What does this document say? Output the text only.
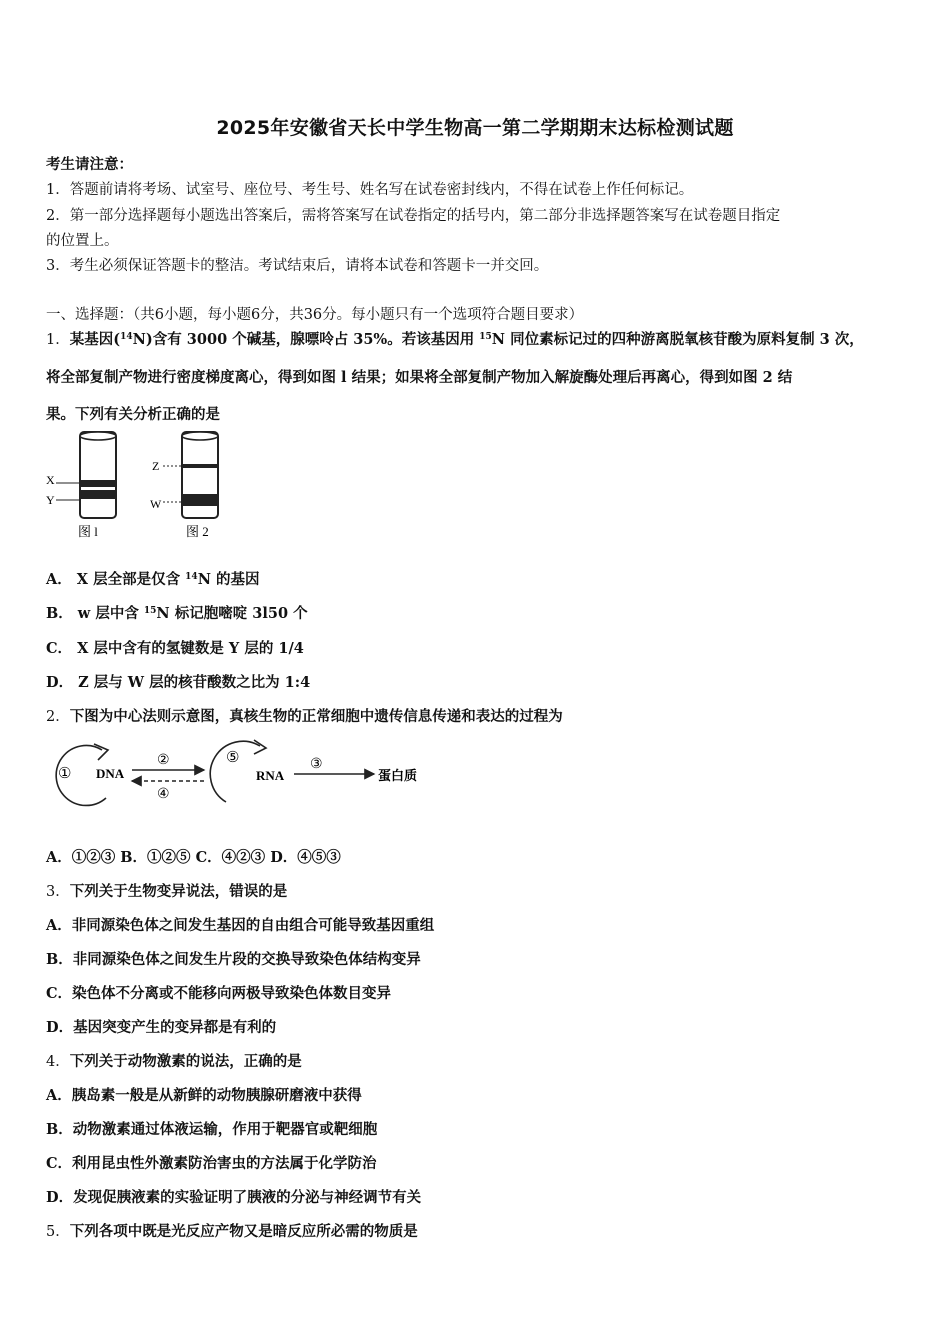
2025年安徽省天长中学生物高一第二学期期末达标检测试题
考生请注意：
1．答题前请将考场、试室号、座位号、考生号、姓名写在试卷密封线内，不得在试卷上作任何标记。
2．第一部分选择题每小题选出答案后，需将答案写在试卷指定的括号内，第二部分非选择题答案写在试卷题目指定
的位置上。
3．考生必须保证答题卡的整洁。考试结束后，请将本试卷和答题卡一并交回。
一、选择题：（共6小题，每小题6分，共36分。每小题只有一个选项符合题目要求）
1．某基因($^{14}$N)含有 3000 个碱基，腺嘌呤占 35%。若该基因用 $^{15}$N 同位素标记过的四种游离脱氧核苷酸为原料复制 3 次，
将全部复制产物进行密度梯度离心，得到如图 l 结果；如果将全部复制产物加入解旋酶处理后再离心，得到如图 2 结
果。下列有关分析正确的是
X
Y
图 l
Z
W
图 2
A． X 层全部是仅含 $^{14}$N 的基因
B． w 层中含 $^{15}$N 标记胞嘧啶 3l50 个
C． X 层中含有的氢键数是 Y 层的 1/4
D． Z 层与 W 层的核苷酸数之比为 1:4
2．下图为中心法则示意图，真核生物的正常细胞中遗传信息传递和表达的过程为
① DNA
②
④
⑤
RNA
③
蛋白质
A．①②③ B．①②⑤ C．④②③ D．④⑤③
3．下列关于生物变异说法，错误的是
A．非同源染色体之间发生基因的自由组合可能导致基因重组
B．非同源染色体之间发生片段的交换导致染色体结构变异
C．染色体不分离或不能移向两极导致染色体数目变异
D．基因突变产生的变异都是有利的
4．下列关于动物激素的说法，正确的是
A．胰岛素一般是从新鲜的动物胰腺研磨液中获得
B．动物激素通过体液运输，作用于靶器官或靶细胞
C．利用昆虫性外激素防治害虫的方法属于化学防治
D．发现促胰液素的实验证明了胰液的分泌与神经调节有关
5．下列各项中既是光反应产物又是暗反应所必需的物质是
